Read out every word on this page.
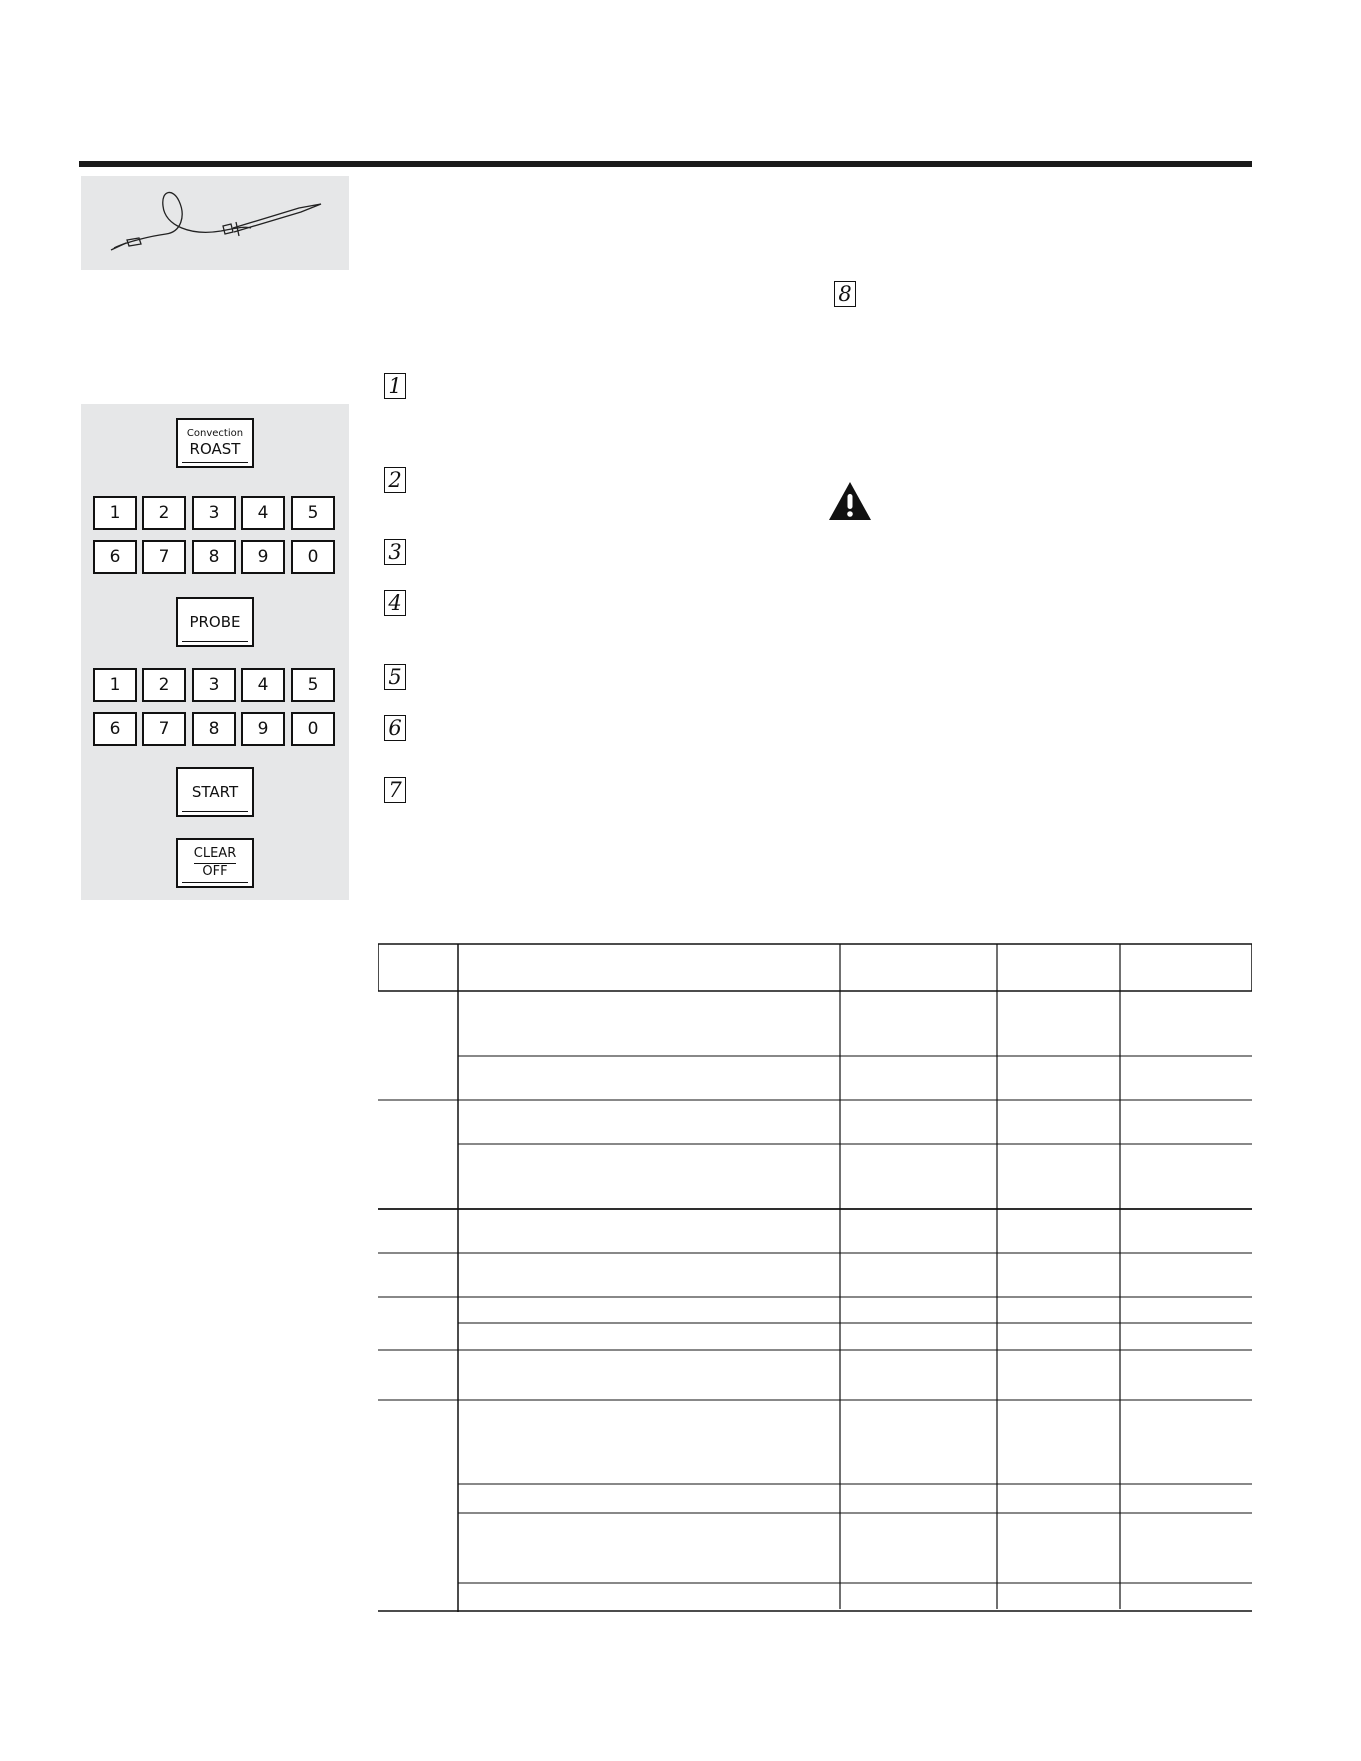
Convection
ROAST
1	2	3	4	5
6	7	8	9	0
PROBE
1	2	3	4	5
6	7	8	9	0
START
CLEAR
OFF
1
2
3
4
5
6
7
8
